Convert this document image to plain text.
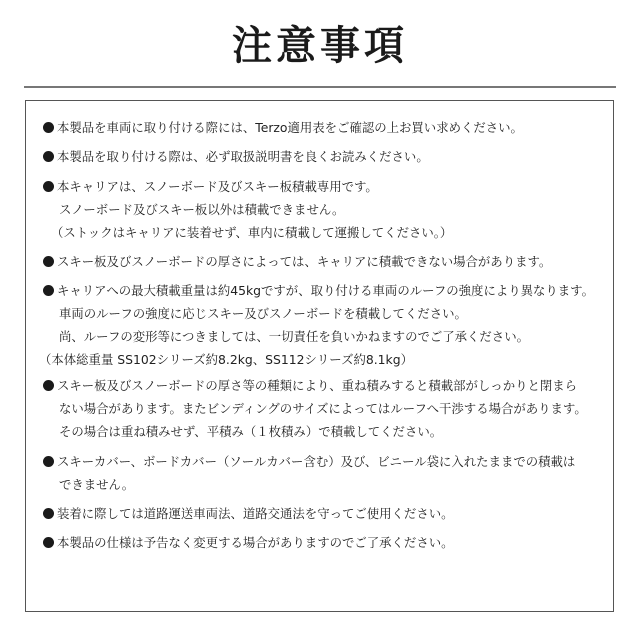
注意事項
本製品を車両に取り付ける際には、Terzo適用表をご確認の上お買い求めください。
本製品を取り付ける際は、必ず取扱説明書を良くお読みください。
本キャリアは、スノーボード及びスキー板積載専用です。
スノーボード及びスキー板以外は積載できません。
（ストックはキャリアに装着せず、車内に積載して運搬してください。）
スキー板及びスノーボードの厚さによっては、キャリアに積載できない場合があります。
キャリアへの最大積載重量は約45kgですが、取り付ける車両のルーフの強度により異なります。
車両のルーフの強度に応じスキー及びスノーボードを積載してください。
尚、ルーフの変形等につきましては、一切責任を負いかねますのでご了承ください。
（本体総重量 SS102シリーズ約8.2kg、SS112シリーズ約8.1kg）
スキー板及びスノーボードの厚さ等の種類により、重ね積みすると積載部がしっかりと閉まら
ない場合があります。またビンディングのサイズによってはルーフへ干渉する場合があります。
その場合は重ね積みせず、平積み（１枚積み）で積載してください。
スキーカバー、ボードカバー（ソールカバー含む）及び、ビニール袋に入れたままでの積載は
できません。
装着に際しては道路運送車両法、道路交通法を守ってご使用ください。
本製品の仕様は予告なく変更する場合がありますのでご了承ください。
